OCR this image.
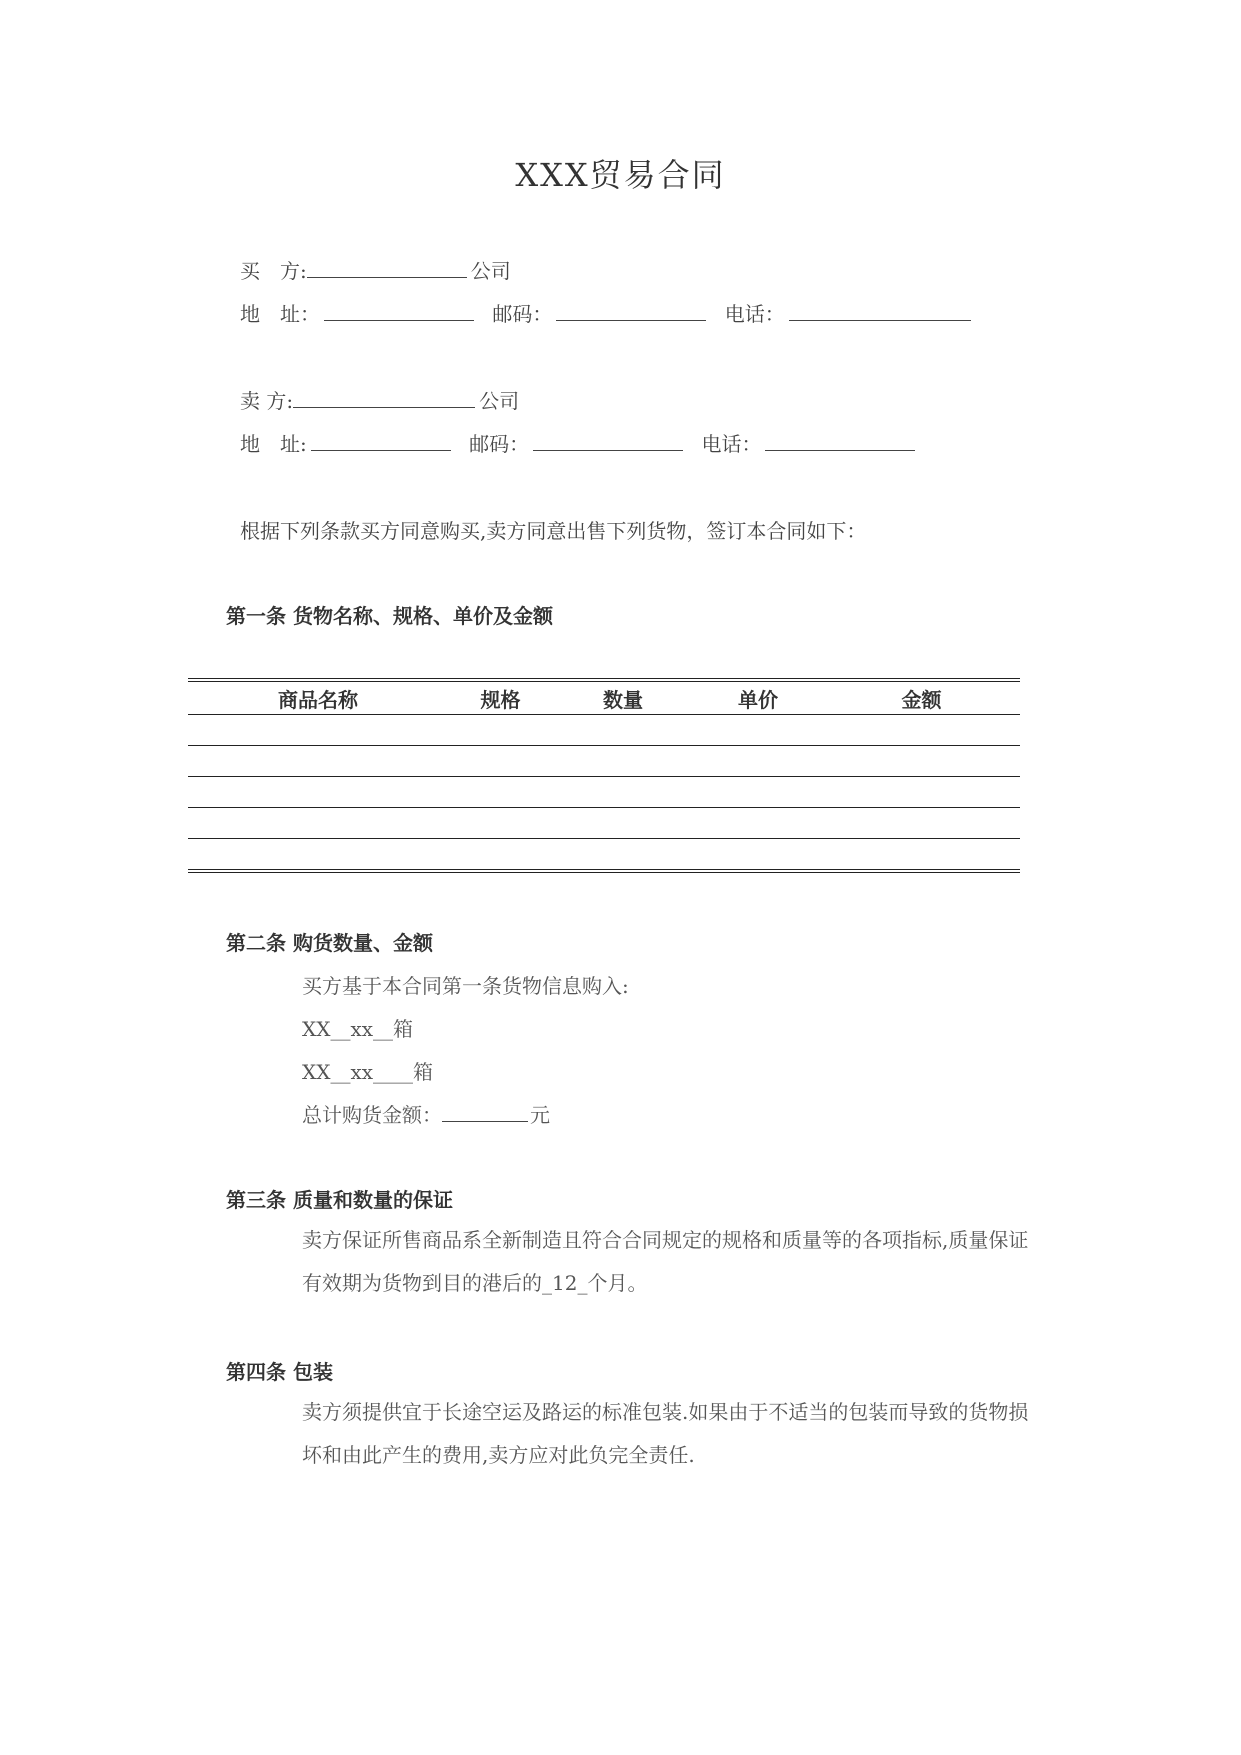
XXX贸易合同
买　方:	公司
地　址：	邮码：	电话：
卖 方:	公司
地　址:	邮码：	电话：
根据下列条款买方同意购买,卖方同意出售下列货物，签订本合同如下：
第一条 货物名称、规格、单价及金额
商品名称	规格	数量	单价	金额

第二条 购货数量、金额
买方基于本合同第一条货物信息购入:
XX__xx__箱
XX__xx____箱
总计购货金额：	元
第三条 质量和数量的保证
卖方保证所售商品系全新制造且符合合同规定的规格和质量等的各项指标,质量保证有效期为货物到目的港后的_12_个月。
第四条 包装
卖方须提供宜于长途空运及路运的标准包装.如果由于不适当的包装而导致的货物损坏和由此产生的费用,卖方应对此负完全责任.
